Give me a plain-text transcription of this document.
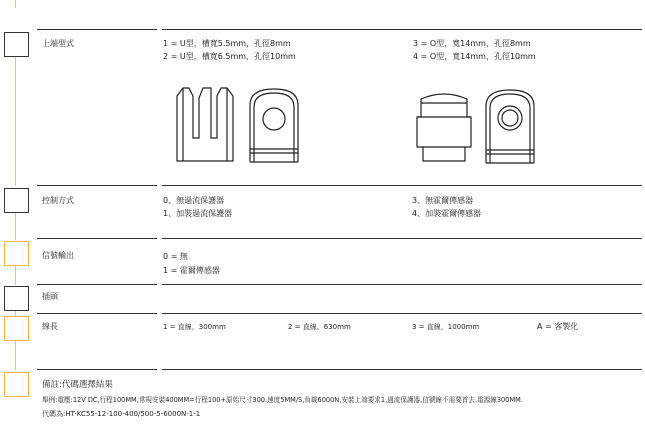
上端型式	1 = U型，槽寬5.5mm，孔徑8mm
2 = U型，槽寬6.5mm，孔徑10mm
3 = O型，寬14mm，孔徑8mm
4 = O型，寬14mm，孔徑10mm
控制方式	0、無過流保護器
1、加裝過流保護器
3、無霍爾傳感器
4、加裝霍爾傳感器
信號輸出	0 = 無
1 = 霍爾傳感器
插頭
線長	1 = 直線，300mm	2 = 直線，630mm	3 = 直線，1000mm	A = 客製化
備註:代碼選擇結果
舉例:電壓:12V DC,行程100MM,常規安裝400MM=行程100+原始尺寸300.速度5MM/S,負載6000N,安裝上端要求1,過流保護器,信號線不需要首去.電源線300MM.
代碼為:HT-KC55-12-100-400/500-5-6000N-1-1
